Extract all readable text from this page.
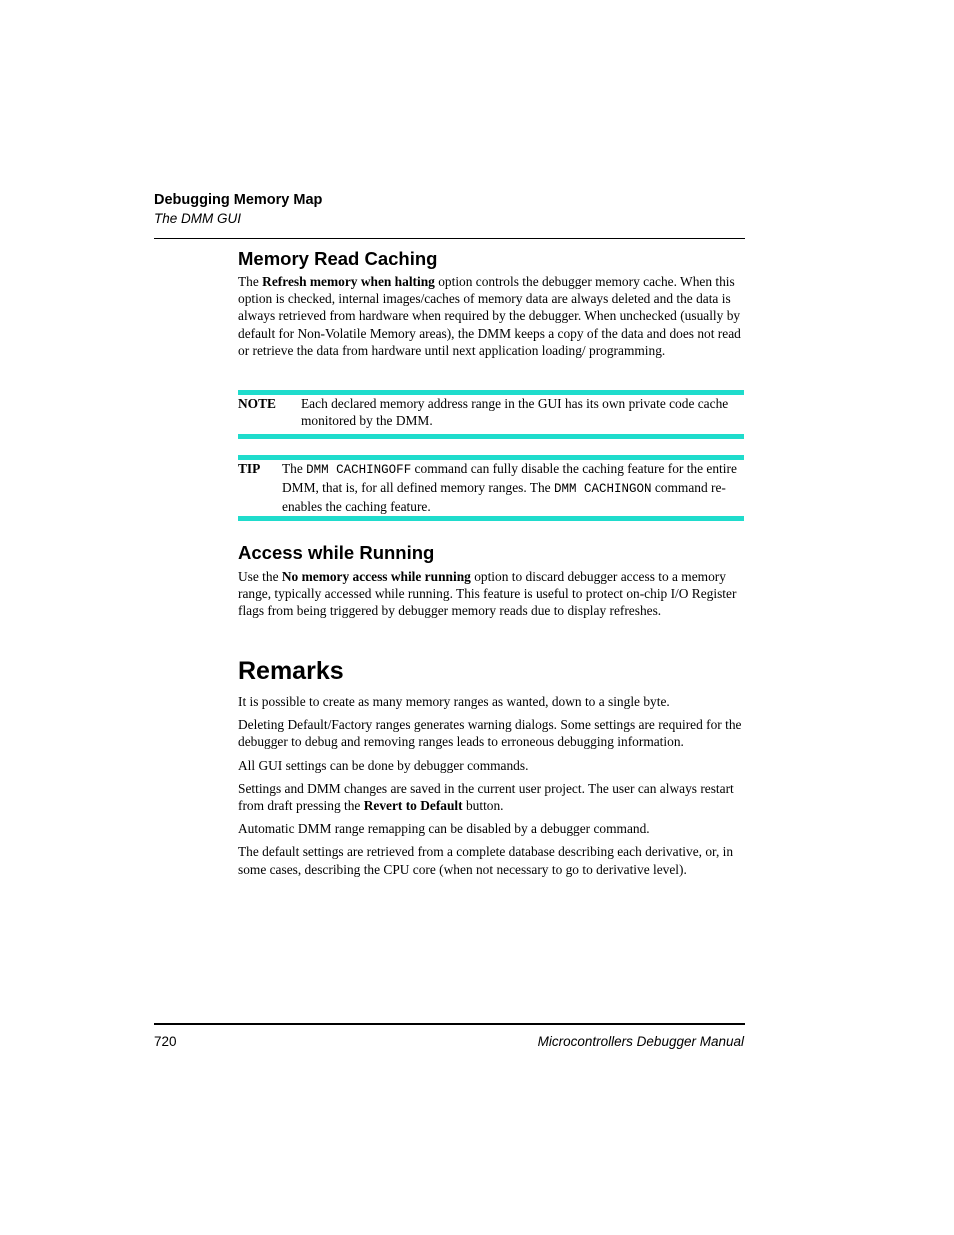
Debugging Memory Map
The DMM GUI
Memory Read Caching

The Refresh memory when halting option controls the debugger memory cache. When this option is checked, internal images/caches of memory data are always deleted and the data is always retrieved from hardware when required by the debugger. When unchecked (usually by default for Non-Volatile Memory areas), the DMM keeps a copy of the data and does not read or retrieve the data from hardware until next application loading/ programming.

NOTE Each declared memory address range in the GUI has its own private code cache monitored by the DMM.
TIP The DMM CACHINGOFF command can fully disable the caching feature for the entire DMM, that is, for all defined memory ranges. The DMM CACHINGON command re-enables the caching feature.
Access while Running

Use the No memory access while running option to discard debugger access to a memory range, typically accessed while running. This feature is useful to protect on-chip I/O Register flags from being triggered by debugger memory reads due to display refreshes.

Remarks

It is possible to create as many memory ranges as wanted, down to a single byte.

Deleting Default/Factory ranges generates warning dialogs. Some settings are required for the debugger to debug and removing ranges leads to erroneous debugging information.

All GUI settings can be done by debugger commands.

Settings and DMM changes are saved in the current user project. The user can always restart from draft pressing the Revert to Default button.

Automatic DMM range remapping can be disabled by a debugger command.

The default settings are retrieved from a complete database describing each derivative, or, in some cases, describing the CPU core (when not necessary to go to derivative level).

720	Microcontrollers Debugger Manual
